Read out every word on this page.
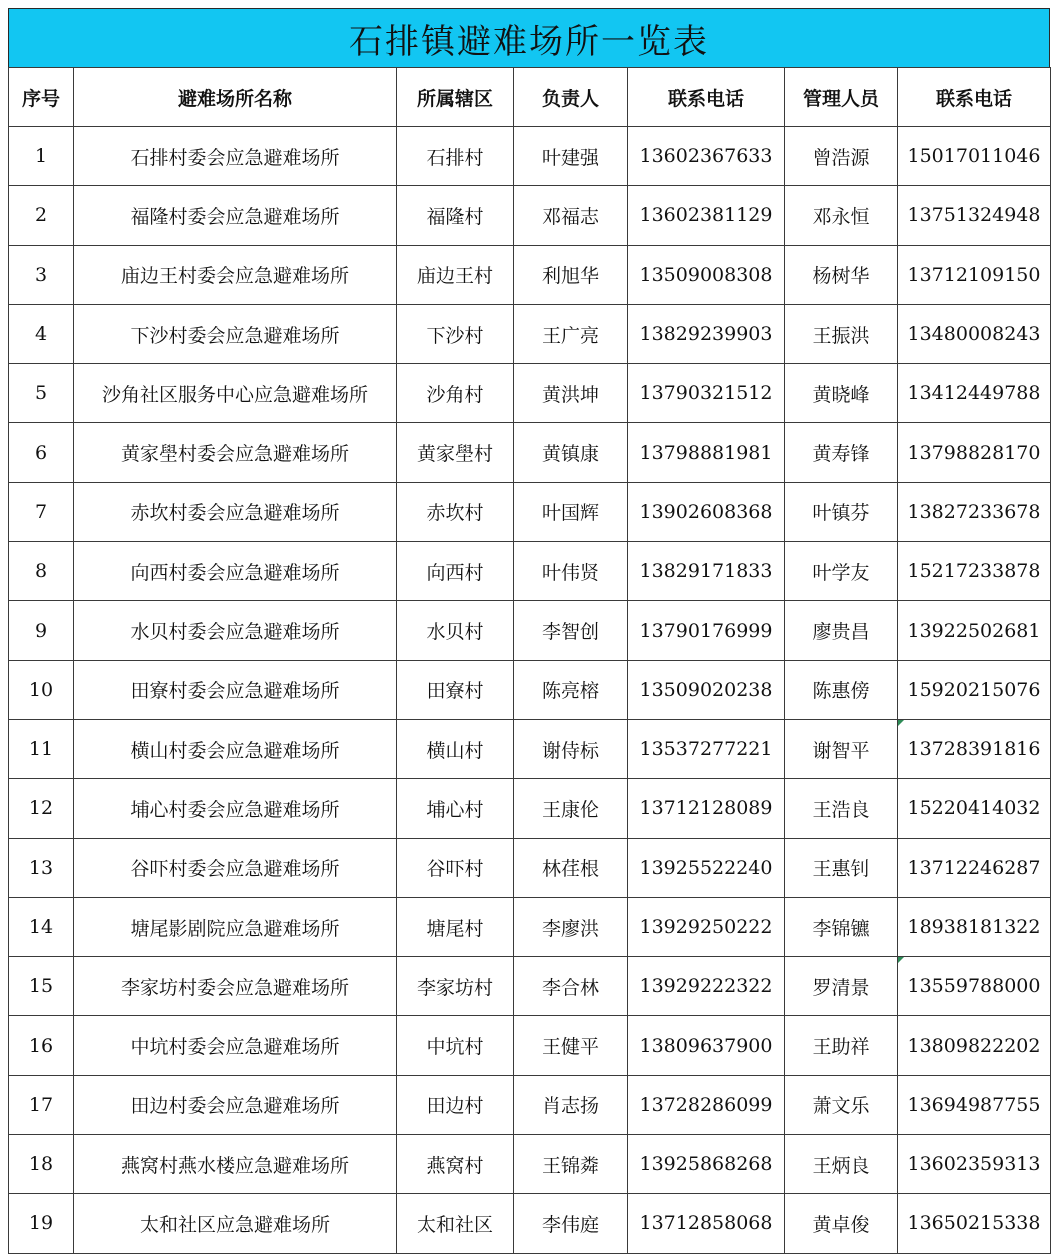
石排镇避难场所一览表
序号	避难场所名称	所属辖区	负责人	联系电话	管理人员	联系电话
1	石排村委会应急避难场所	石排村	叶建强	13602367633	曾浩源	15017011046
2	福隆村委会应急避难场所	福隆村	邓福志	13602381129	邓永恒	13751324948
3	庙边王村委会应急避难场所	庙边王村	利旭华	13509008308	杨树华	13712109150
4	下沙村委会应急避难场所	下沙村	王广亮	13829239903	王振洪	13480008243
5	沙角社区服务中心应急避难场所	沙角村	黄洪坤	13790321512	黄晓峰	13412449788
6	黄家壆村委会应急避难场所	黄家壆村	黄镇康	13798881981	黄寿锋	13798828170
7	赤坎村委会应急避难场所	赤坎村	叶国辉	13902608368	叶镇芬	13827233678
8	向西村委会应急避难场所	向西村	叶伟贤	13829171833	叶学友	15217233878
9	水贝村委会应急避难场所	水贝村	李智创	13790176999	廖贵昌	13922502681
10	田寮村委会应急避难场所	田寮村	陈亮榕	13509020238	陈惠傍	15920215076
11	横山村委会应急避难场所	横山村	谢侍标	13537277221	谢智平	13728391816
12	埔心村委会应急避难场所	埔心村	王康伦	13712128089	王浩良	15220414032
13	谷吓村委会应急避难场所	谷吓村	林荏根	13925522240	王惠钊	13712246287
14	塘尾影剧院应急避难场所	塘尾村	李廖洪	13929250222	李锦镳	18938181322
15	李家坊村委会应急避难场所	李家坊村	李合林	13929222322	罗清景	13559788000
16	中坑村委会应急避难场所	中坑村	王健平	13809637900	王助祥	13809822202
17	田边村委会应急避难场所	田边村	肖志扬	13728286099	萧文乐	13694987755
18	燕窝村燕水楼应急避难场所	燕窝村	王锦粦	13925868268	王炳良	13602359313
19	太和社区应急避难场所	太和社区	李伟庭	13712858068	黄卓俊	13650215338
